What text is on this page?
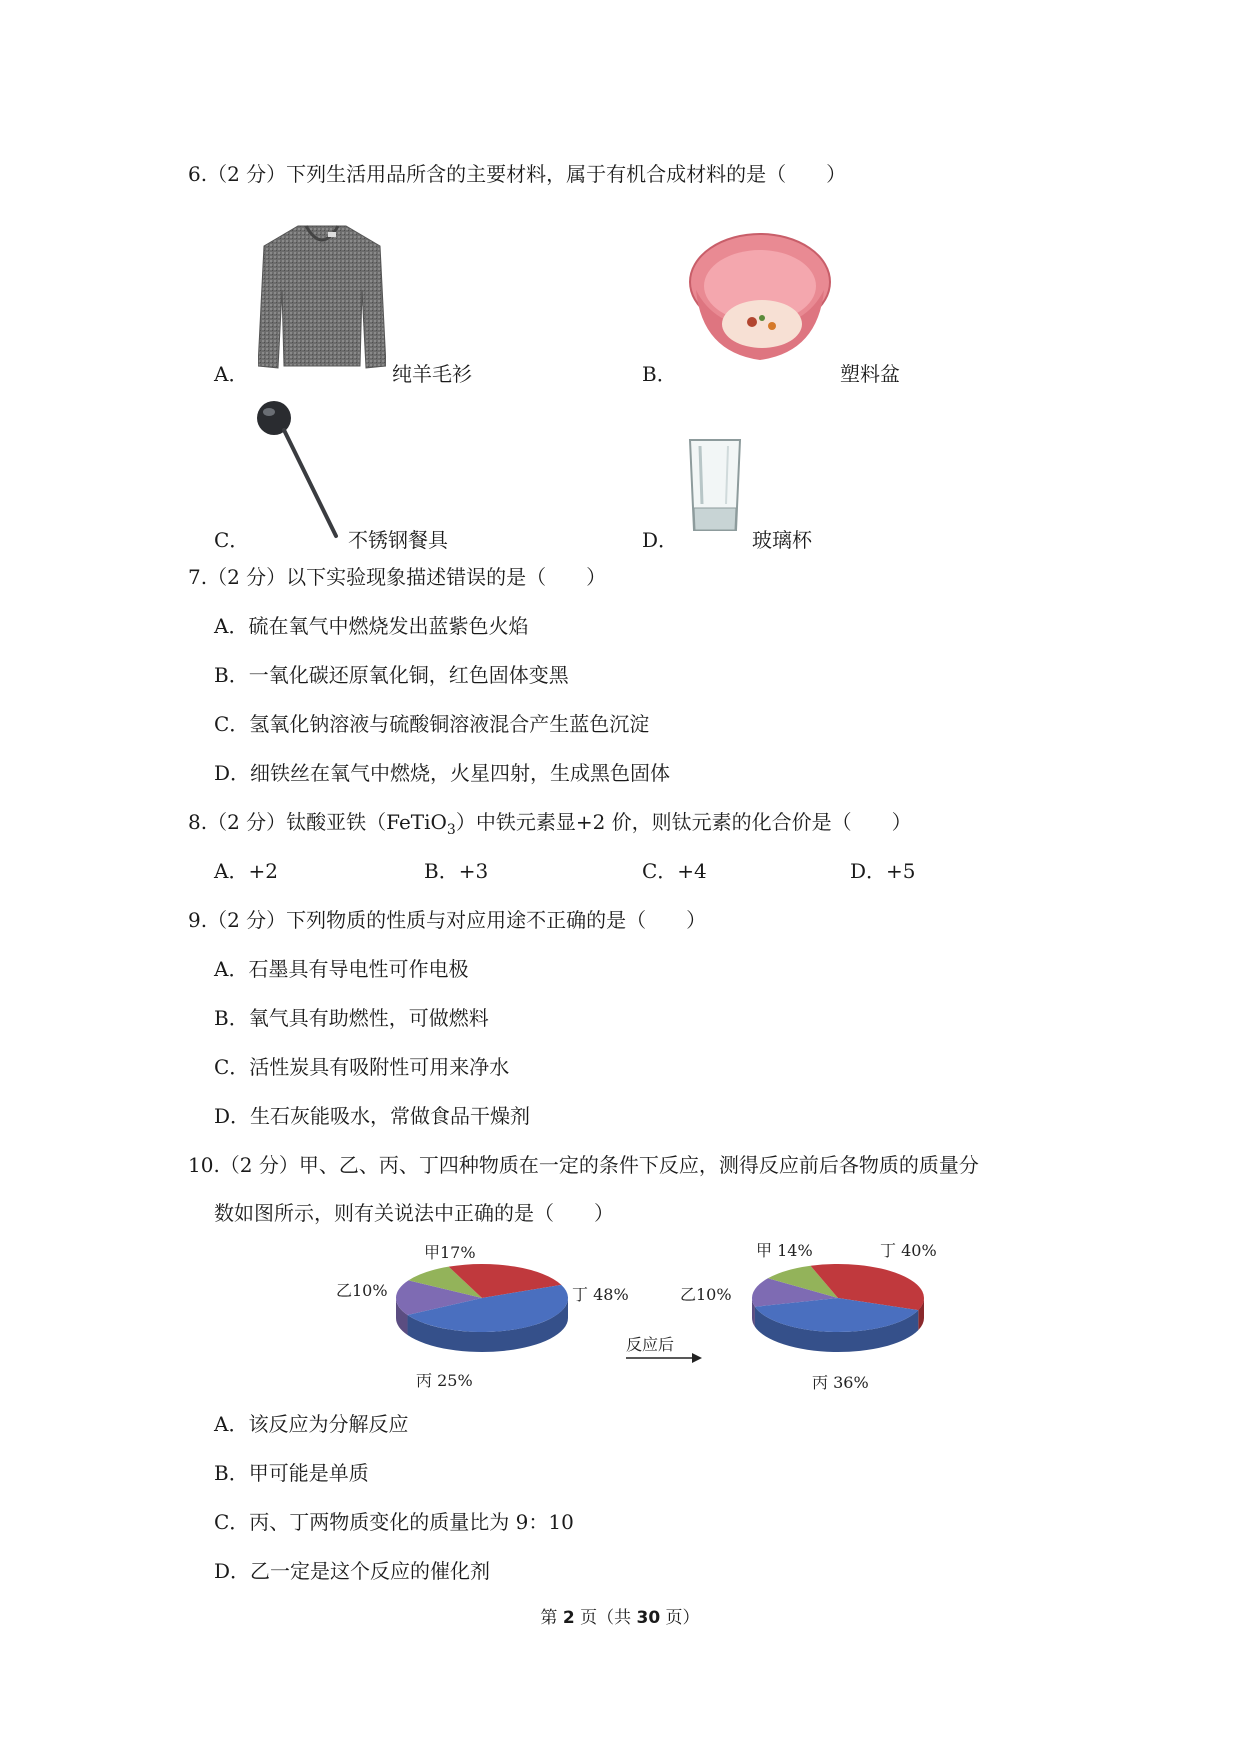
6.（2 分）下列生活用品所含的主要材料，属于有机合成材料的是（　　）
A．	纯羊毛衫	B．	塑料盆
C．	不锈钢餐具	D．	玻璃杯
7.（2 分）以下实验现象描述错误的是（　　）
A．硫在氧气中燃烧发出蓝紫色火焰
B．一氧化碳还原氧化铜，红色固体变黑
C．氢氧化钠溶液与硫酸铜溶液混合产生蓝色沉淀
D．细铁丝在氧气中燃烧，火星四射，生成黑色固体
8.（2 分）钛酸亚铁（FeTiO$_3$）中铁元素显+2 价，则钛元素的化合价是（　　）
A．+2	B．+3	C．+4	D．+5
9.（2 分）下列物质的性质与对应用途不正确的是（　　）
A．石墨具有导电性可作电极
B．氧气具有助燃性，可做燃料
C．活性炭具有吸附性可用来净水
D．生石灰能吸水，常做食品干燥剂
10.（2 分）甲、乙、丙、丁四种物质在一定的条件下反应，测得反应前后各物质的质量分
数如图所示，则有关说法中正确的是（　　）
反应后
甲17%
乙10%
丙 25%
丁 48%
甲 14%
乙10%
丙 36%
丁 40%
A．该反应为分解反应
B．甲可能是单质
C．丙、丁两物质变化的质量比为 9：10
D．乙一定是这个反应的催化剂
第 2 页（共 30 页）
